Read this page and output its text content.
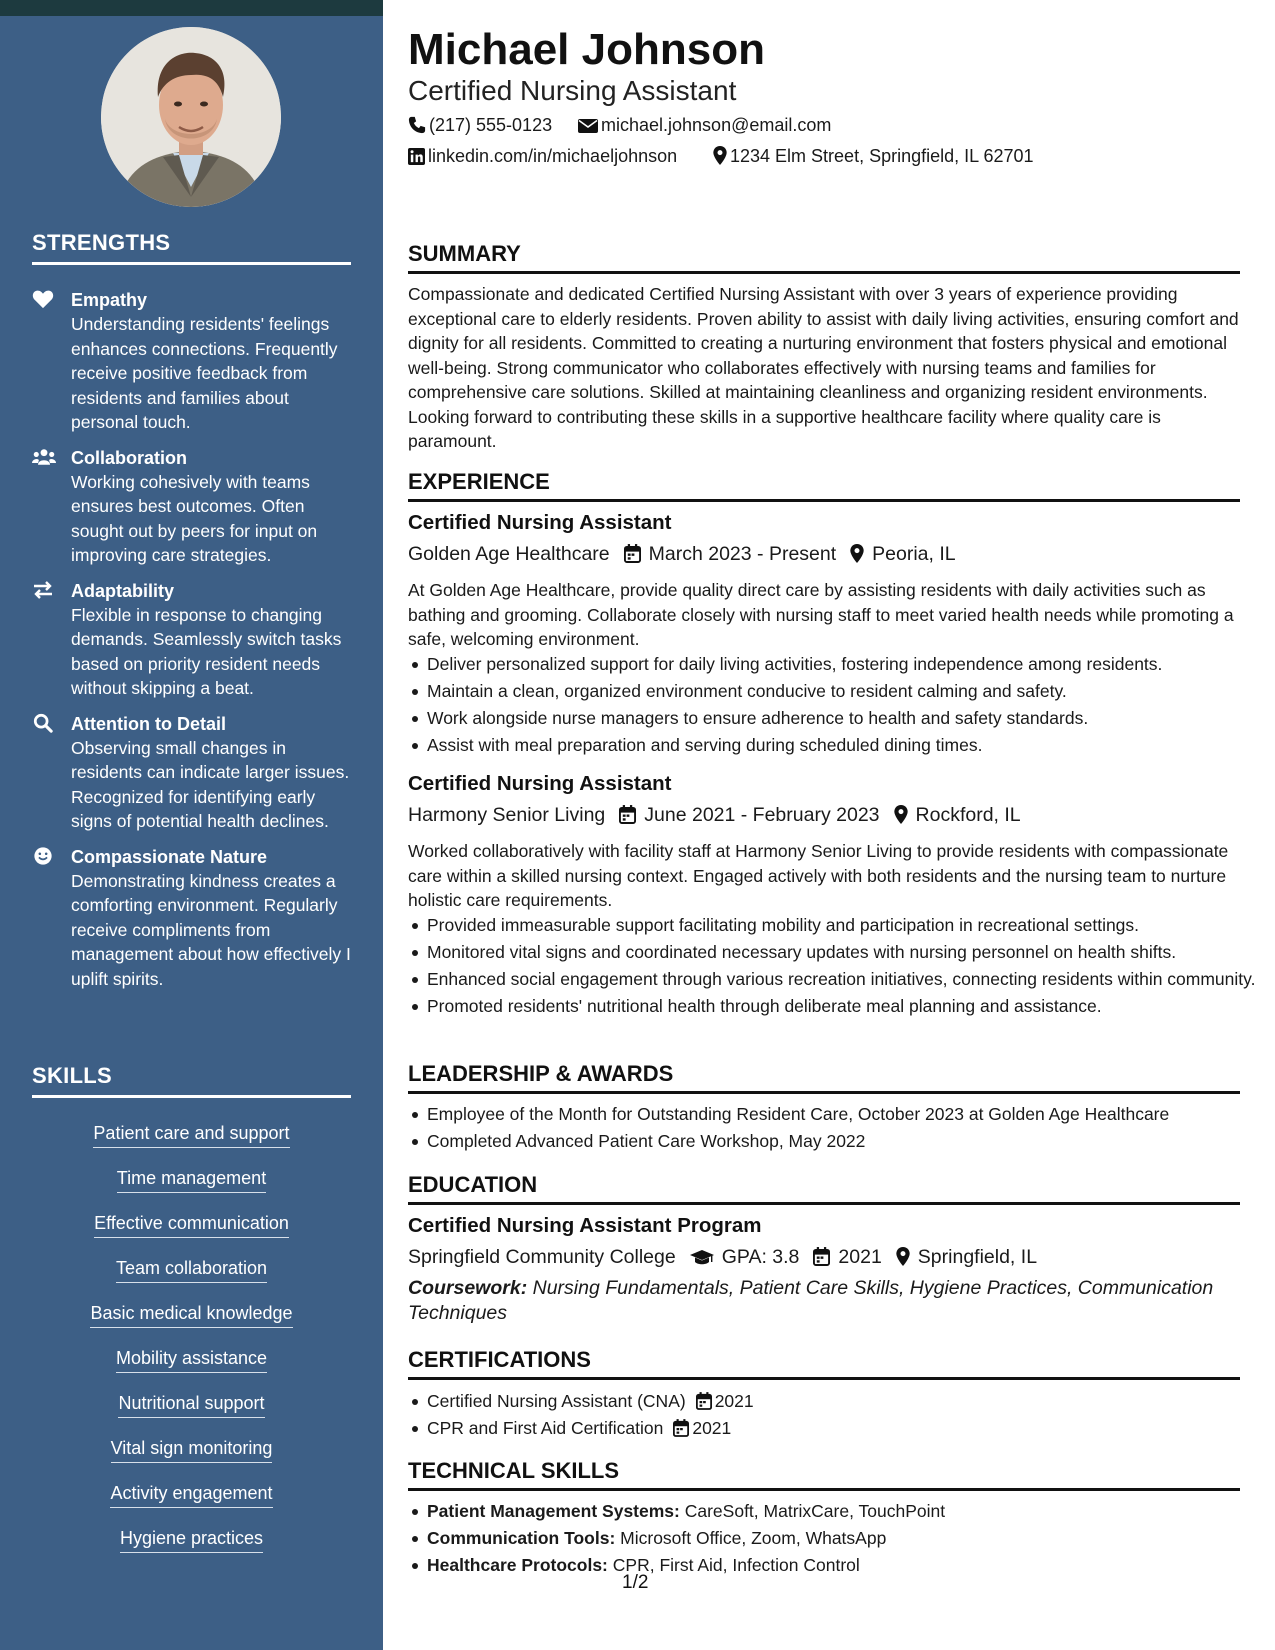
STRENGTHS
Empathy
Understanding residents' feelings enhances connections. Frequently receive positive feedback from residents and families about personal touch.
Collaboration
Working cohesively with teams ensures best outcomes. Often sought out by peers for input on improving care strategies.
Adaptability
Flexible in response to changing demands. Seamlessly switch tasks based on priority resident needs without skipping a beat.
Attention to Detail
Observing small changes in residents can indicate larger issues. Recognized for identifying early signs of potential health declines.
Compassionate Nature
Demonstrating kindness creates a comforting environment. Regularly receive compliments from management about how effectively I uplift spirits.
SKILLS
Patient care and support
Time management
Effective communication
Team collaboration
Basic medical knowledge
Mobility assistance
Nutritional support
Vital sign monitoring
Activity engagement
Hygiene practices
Michael Johnson
Certified Nursing Assistant
(217) 555-0123	michael.johnson@email.com
linkedin.com/in/michaeljohnson	1234 Elm Street, Springfield, IL 62701
SUMMARY
Compassionate and dedicated Certified Nursing Assistant with over 3 years of experience providing exceptional care to elderly residents. Proven ability to assist with daily living activities, ensuring comfort and dignity for all residents. Committed to creating a nurturing environment that fosters physical and emotional well-being. Strong communicator who collaborates effectively with nursing teams and families for comprehensive care solutions. Skilled at maintaining cleanliness and organizing resident environments. Looking forward to contributing these skills in a supportive healthcare facility where quality care is paramount.
EXPERIENCE
Certified Nursing Assistant
Golden Age Healthcare March 2023 - Present Peoria, IL
At Golden Age Healthcare, provide quality direct care by assisting residents with daily activities such as bathing and grooming. Collaborate closely with nursing staff to meet varied health needs while promoting a safe, welcoming environment.
Deliver personalized support for daily living activities, fostering independence among residents.
Maintain a clean, organized environment conducive to resident calming and safety.
Work alongside nurse managers to ensure adherence to health and safety standards.
Assist with meal preparation and serving during scheduled dining times.
Certified Nursing Assistant
Harmony Senior Living June 2021 - February 2023 Rockford, IL
Worked collaboratively with facility staff at Harmony Senior Living to provide residents with compassionate care within a skilled nursing context. Engaged actively with both residents and the nursing team to nurture holistic care requirements.
Provided immeasurable support facilitating mobility and participation in recreational settings.
Monitored vital signs and coordinated necessary updates with nursing personnel on health shifts.
Enhanced social engagement through various recreation initiatives, connecting residents within community.
Promoted residents' nutritional health through deliberate meal planning and assistance.
LEADERSHIP & AWARDS
Employee of the Month for Outstanding Resident Care, October 2023 at Golden Age Healthcare
Completed Advanced Patient Care Workshop, May 2022
EDUCATION
Certified Nursing Assistant Program
Springfield Community College GPA: 3.8 2021 Springfield, IL
Coursework: Nursing Fundamentals, Patient Care Skills, Hygiene Practices, Communication Techniques
CERTIFICATIONS
Certified Nursing Assistant (CNA) 2021
CPR and First Aid Certification 2021
TECHNICAL SKILLS
Patient Management Systems: CareSoft, MatrixCare, TouchPoint
Communication Tools: Microsoft Office, Zoom, WhatsApp
Healthcare Protocols: CPR, First Aid, Infection Control
1/2
